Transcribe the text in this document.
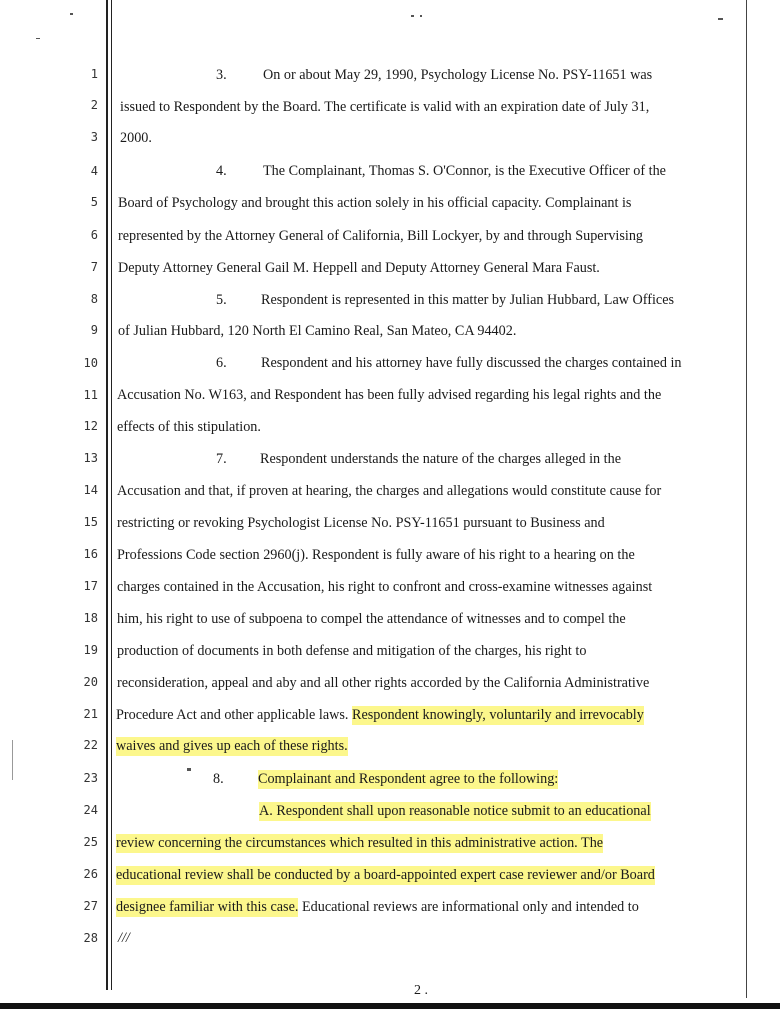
1
2
3
4
5
6
7
8
9
10
11
12
13
14
15
16
17
18
19
20
21
22
23
24
25
26
27
28
3.	On or about May 29, 1990, Psychology License No. PSY-11651 was
issued to Respondent by the Board. The certificate is valid with an expiration date of July 31,
2000.
4.	The Complainant, Thomas S. O'Connor, is the Executive Officer of the
Board of Psychology and brought this action solely in his official capacity. Complainant is
represented by the Attorney General of California, Bill Lockyer, by and through Supervising
Deputy Attorney General Gail M. Heppell and Deputy Attorney General Mara Faust.
5. Respondent is represented in this matter by Julian Hubbard, Law Offices
of Julian Hubbard, 120 North El Camino Real, San Mateo, CA 94402.
6. Respondent and his attorney have fully discussed the charges contained in
Accusation No. W163, and Respondent has been fully advised regarding his legal rights and the
effects of this stipulation.
7. Respondent understands the nature of the charges alleged in the
Accusation and that, if proven at hearing, the charges and allegations would constitute cause for
restricting or revoking Psychologist License No. PSY-11651 pursuant to Business and
Professions Code section 2960(j). Respondent is fully aware of his right to a hearing on the
charges contained in the Accusation, his right to confront and cross-examine witnesses against
him, his right to use of subpoena to compel the attendance of witnesses and to compel the
production of documents in both defense and mitigation of the charges, his right to
reconsideration, appeal and aby and all other rights accorded by the California Administrative
Procedure Act and other applicable laws. Respondent knowingly, voluntarily and irrevocably
waives and gives up each of these rights.
8. Complainant and Respondent agree to the following:
A. Respondent shall upon reasonable notice submit to an educational
review concerning the circumstances which resulted in this administrative action. The
educational review shall be conducted by a board-appointed expert case reviewer and/or Board
designee familiar with this case. Educational reviews are informational only and intended to
///
2 .
